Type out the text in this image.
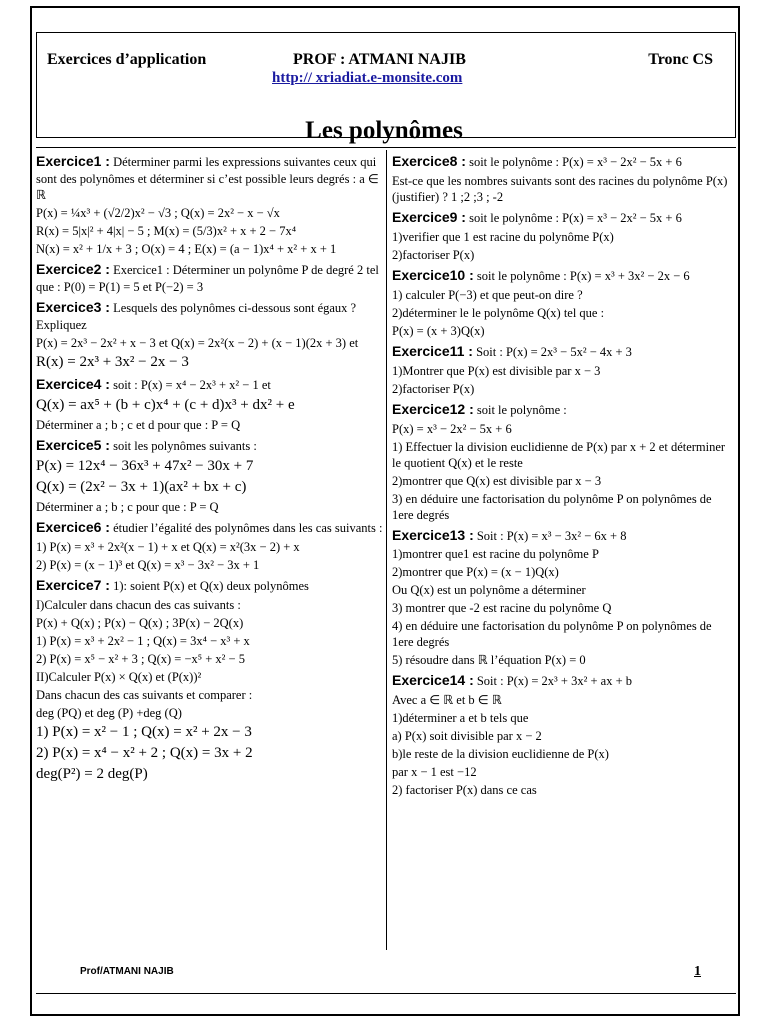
Exercices d’application	PROF : ATMANI NAJIB	Tronc CS
http:// xriadiat.e-monsite.com
Les polynômes
Exercice1 : Déterminer parmi les expressions suivantes ceux qui sont des polynômes et déterminer si c’est possible leurs degrés : a ∈ ℝ
P(x) = ¼x³ + (√2/2)x² − √3 ; Q(x) = 2x² − x − √x
R(x) = 5|x|² + 4|x| − 5 ; M(x) = (5/3)x² + x + 2 − 7x⁴
N(x) = x² + 1/x + 3 ; O(x) = 4 ; E(x) = (a − 1)x⁴ + x² + x + 1
Exercice2 : Exercice1 : Déterminer un polynôme P de degré 2 tel que : P(0) = P(1) = 5 et P(−2) = 3
Exercice3 : Lesquels des polynômes ci-dessous sont égaux ? Expliquez
P(x) = 2x³ − 2x² + x − 3 et Q(x) = 2x²(x − 2) + (x − 1)(2x + 3) et
R(x) = 2x³ + 3x² − 2x − 3
Exercice4 : soit : P(x) = x⁴ − 2x³ + x² − 1 et
Q(x) = ax⁵ + (b + c)x⁴ + (c + d)x³ + dx² + e
Déterminer a ; b ; c et d pour que : P = Q
Exercice5 : soit les polynômes suivants :
P(x) = 12x⁴ − 36x³ + 47x² − 30x + 7
Q(x) = (2x² − 3x + 1)(ax² + bx + c)
Déterminer a ; b ; c pour que : P = Q
Exercice6 : étudier l’égalité des polynômes dans les cas suivants :
1) P(x) = x³ + 2x²(x − 1) + x et Q(x) = x²(3x − 2) + x
2) P(x) = (x − 1)³ et Q(x) = x³ − 3x² − 3x + 1
Exercice7 : 1): soient P(x) et Q(x) deux polynômes
I)Calculer dans chacun des cas suivants :
P(x) + Q(x) ; P(x) − Q(x) ; 3P(x) − 2Q(x)
1) P(x) = x³ + 2x² − 1 ; Q(x) = 3x⁴ − x³ + x
2) P(x) = x⁵ − x² + 3 ; Q(x) = −x⁵ + x² − 5
II)Calculer P(x) × Q(x) et (P(x))²
Dans chacun des cas suivants et comparer :
deg (PQ) et deg (P) +deg (Q)
1) P(x) = x² − 1 ; Q(x) = x² + 2x − 3
2) P(x) = x⁴ − x² + 2 ; Q(x) = 3x + 2
deg(P²) = 2 deg(P)
Exercice8 : soit le polynôme : P(x) = x³ − 2x² − 5x + 6
Est-ce que les nombres suivants sont des racines du polynôme P(x) (justifier) ? 1 ;2 ;3 ; -2
Exercice9 : soit le polynôme : P(x) = x³ − 2x² − 5x + 6
1)verifier que 1 est racine du polynôme P(x)
2)factoriser P(x)
Exercice10 : soit le polynôme : P(x) = x³ + 3x² − 2x − 6
1) calculer P(−3) et que peut-on dire ?
2)déterminer le le polynôme Q(x) tel que :
P(x) = (x + 3)Q(x)
Exercice11 : Soit : P(x) = 2x³ − 5x² − 4x + 3
1)Montrer que P(x) est divisible par x − 3
2)factoriser P(x)
Exercice12 : soit le polynôme :
P(x) = x³ − 2x² − 5x + 6
1) Effectuer la division euclidienne de P(x) par x + 2 et déterminer le quotient Q(x) et le reste
2)montrer que Q(x) est divisible par x − 3
3) en déduire une factorisation du polynôme P on polynômes de 1ere degrés
Exercice13 : Soit : P(x) = x³ − 3x² − 6x + 8
1)montrer que1 est racine du polynôme P
2)montrer que P(x) = (x − 1)Q(x)
Ou Q(x) est un polynôme a déterminer
3) montrer que -2 est racine du polynôme Q
4) en déduire une factorisation du polynôme P on polynômes de 1ere degrés
5) résoudre dans ℝ l’équation P(x) = 0
Exercice14 : Soit : P(x) = 2x³ + 3x² + ax + b
Avec a ∈ ℝ et b ∈ ℝ
1)déterminer a et b tels que
a) P(x) soit divisible par x − 2
b)le reste de la division euclidienne de P(x)
par x − 1 est −12
2) factoriser P(x) dans ce cas
Prof/ATMANI NAJIB	1
